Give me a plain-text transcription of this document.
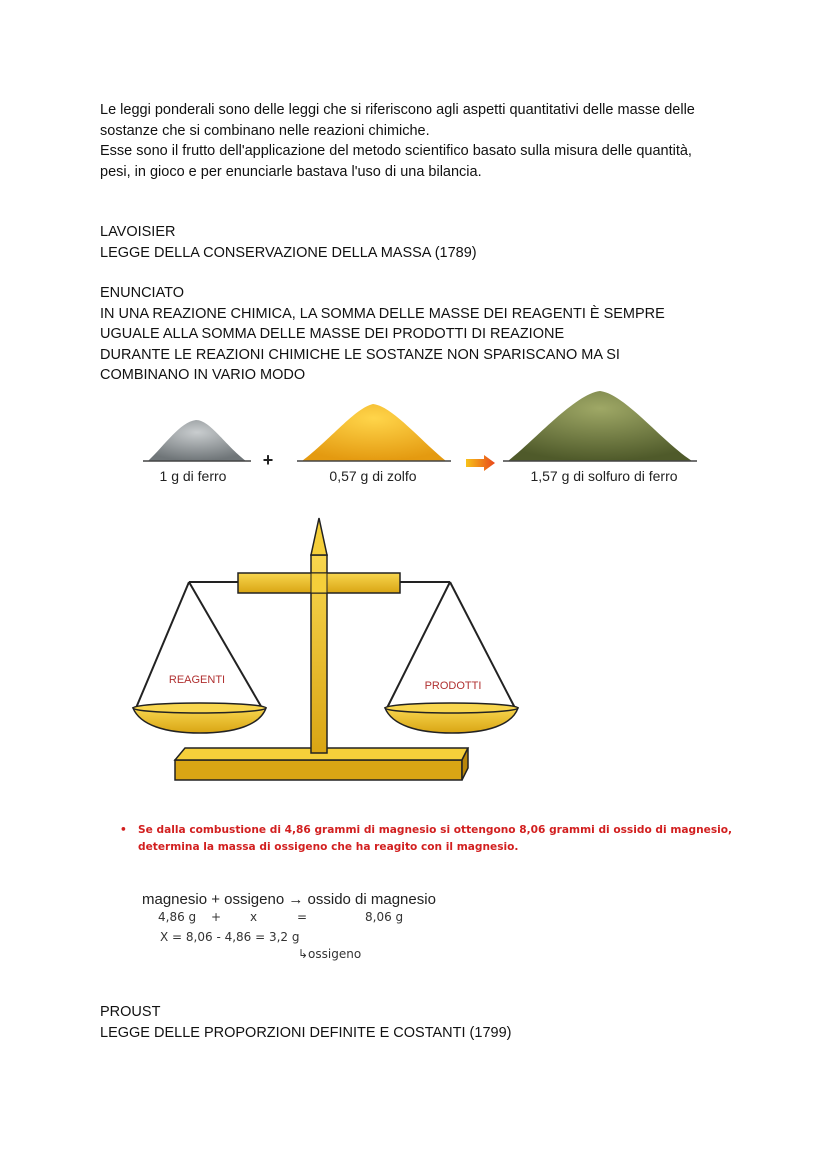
Le leggi ponderali sono delle leggi che si riferiscono agli aspetti quantitativi delle masse delle
sostanze che si combinano nelle reazioni chimiche.
Esse sono il frutto dell'applicazione del metodo scientifico basato sulla misura delle quantità,
pesi, in gioco e per enunciarle bastava l'uso di una bilancia.
LAVOISIER
LEGGE DELLA CONSERVAZIONE DELLA MASSA (1789)
ENUNCIATO
IN UNA REAZIONE CHIMICA, LA SOMMA DELLE MASSE DEI REAGENTI È SEMPRE
UGUALE ALLA SOMMA DELLE MASSE DEI PRODOTTI DI REAZIONE
DURANTE LE REAZIONI CHIMICHE LE SOSTANZE NON SPARISCANO MA SI
COMBINANO IN VARIO MODO
1 g di ferro
+
0,57 g di zolfo	1,57 g di solfuro di ferro
REAGENTI	PRODOTTI
magnesio + ossigeno → ossido di magnesio
4,86 g + x	=	8,06 g
X = 8,06 - 4,86 = 3,2 g
↳ossigeno
• Se dalla combustione di 4,86 grammi di magnesio si ottengono 8,06 grammi di ossido di magnesio,
determina la massa di ossigeno che ha reagito con il magnesio.
PROUST
LEGGE DELLE PROPORZIONI DEFINITE E COSTANTI (1799)
